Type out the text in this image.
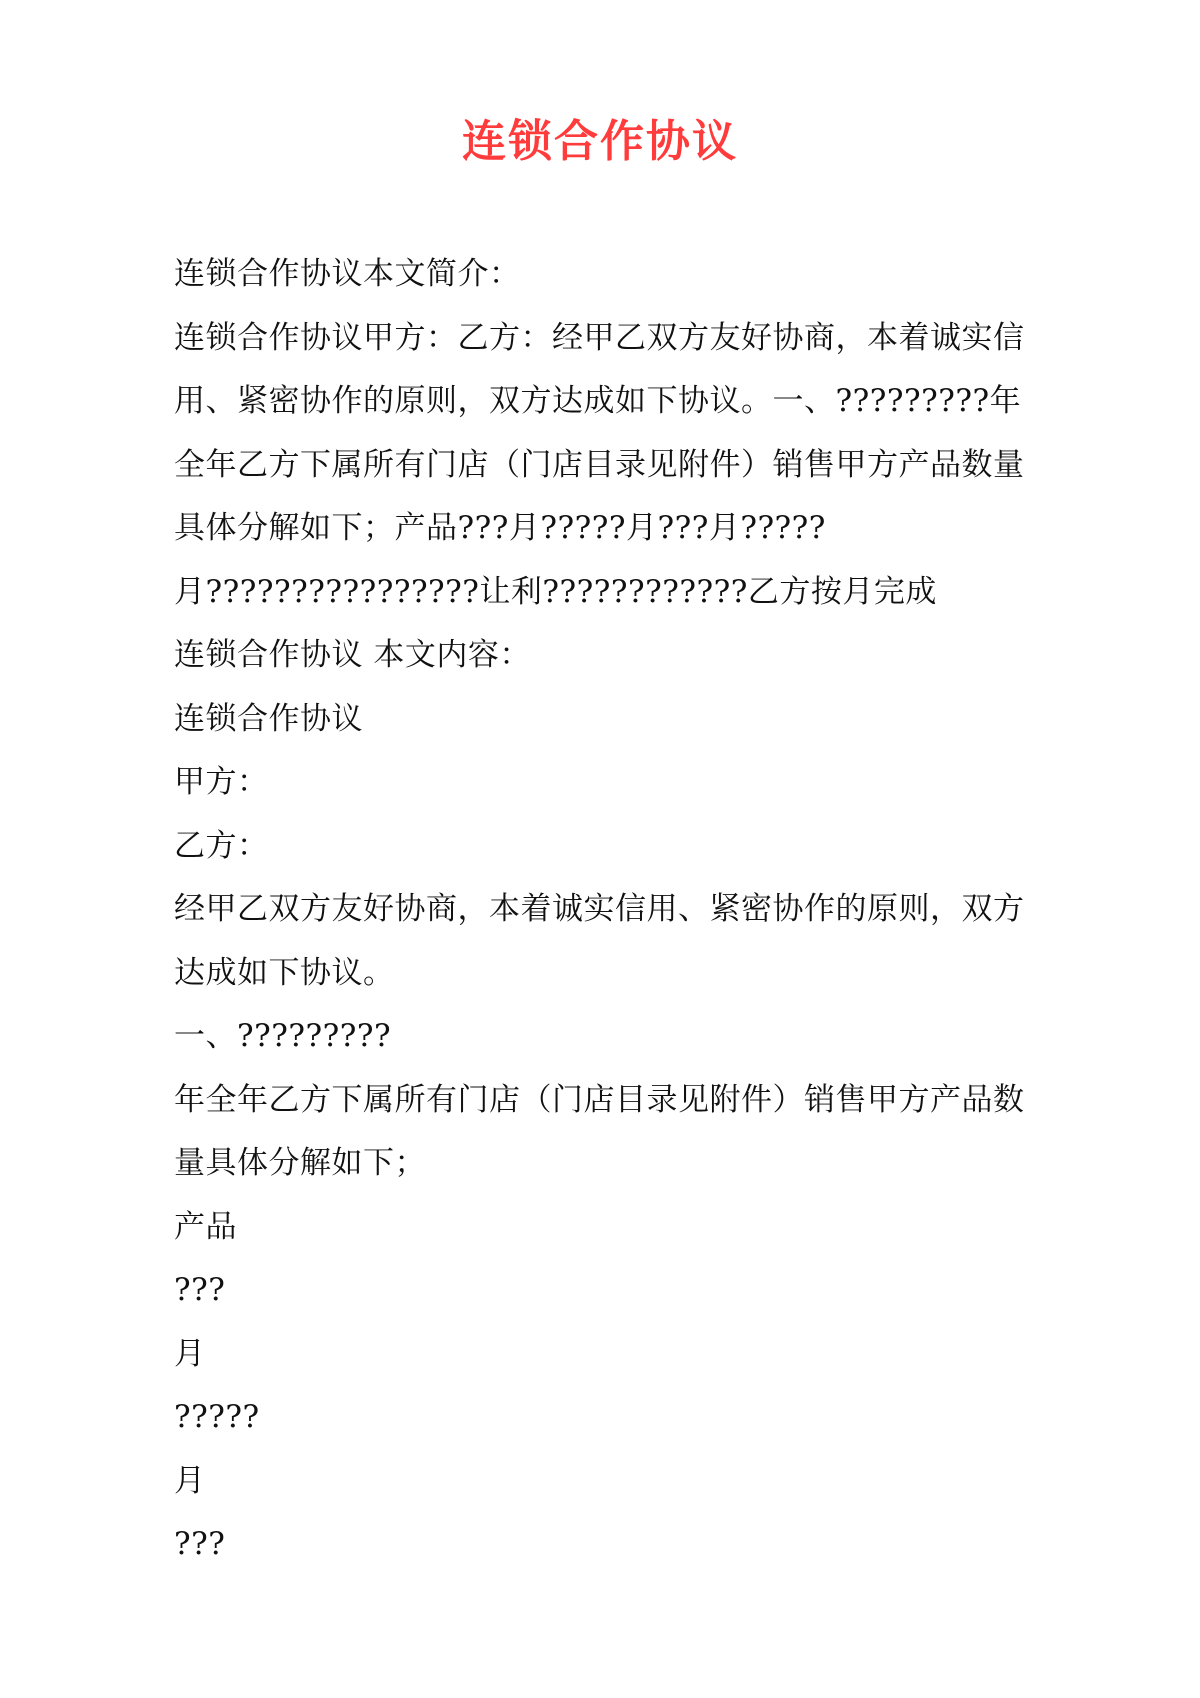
连锁合作协议
连锁合作协议本文简介：
连锁合作协议甲方：乙方：经甲乙双方友好协商，本着诚实信
用、紧密协作的原则，双方达成如下协议。一、?????????年
全年乙方下属所有门店（门店目录见附件）销售甲方产品数量
具体分解如下；产品???月?????月???月?????
月????????????????让利????????????乙方按月完成
连锁合作协议 本文内容：
连锁合作协议
甲方：
乙方：
经甲乙双方友好协商，本着诚实信用、紧密协作的原则，双方
达成如下协议。
一、?????????
年全年乙方下属所有门店（门店目录见附件）销售甲方产品数
量具体分解如下；
产品
???
月
?????
月
???
